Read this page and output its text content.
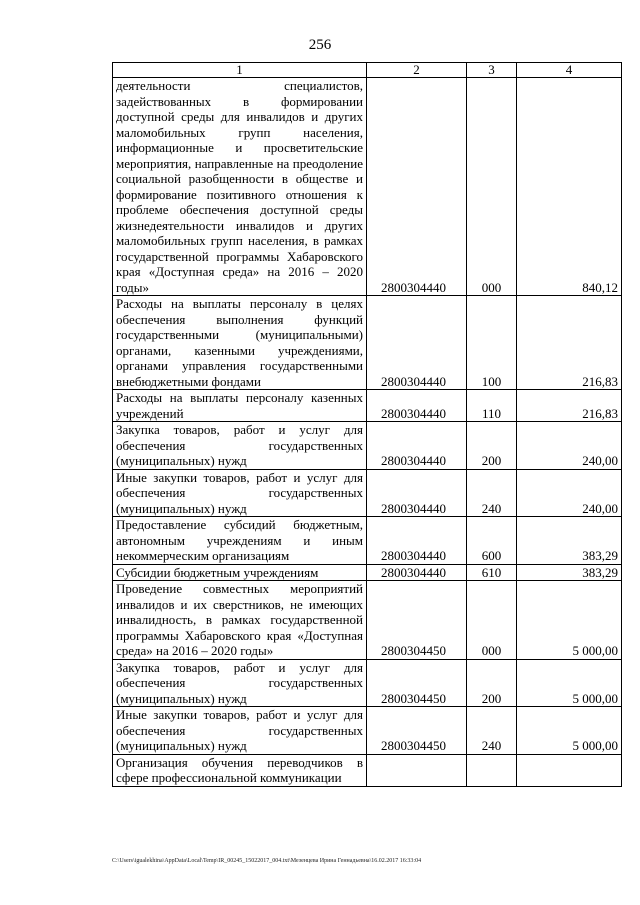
256
1	2	3	4
деятельности специалистов, задействованных в формировании доступной среды для инвалидов и других маломобильных групп населения, информационные и просветительские мероприятия, направленные на преодоление социальной разобщенности в обществе и формирование позитивного отношения к проблеме обеспечения доступной среды жизнедеятельности инвалидов и других маломобильных групп населения, в рамках государственной программы Хабаровского края «Доступная среда» на 2016 – 2020 годы»	2800304440	000	840,12
Расходы на выплаты персоналу в целях обеспечения выполнения функций государственными (муниципальными) органами, казенными учреждениями, органами управления государственными внебюджетными фондами	2800304440	100	216,83
Расходы на выплаты персоналу казенных учреждений	2800304440	110	216,83
Закупка товаров, работ и услуг для обеспечения государственных (муниципальных) нужд	2800304440	200	240,00
Иные закупки товаров, работ и услуг для обеспечения государственных (муниципальных) нужд	2800304440	240	240,00
Предоставление субсидий бюджетным, автономным учреждениям и иным некоммерческим организациям	2800304440	600	383,29
Субсидии бюджетным учреждениям	2800304440	610	383,29
Проведение совместных мероприятий инвалидов и их сверстников, не имеющих инвалидность, в рамках государственной программы Хабаровского края «Доступная среда» на 2016 – 2020 годы»	2800304450	000	5 000,00
Закупка товаров, работ и услуг для обеспечения государственных (муниципальных) нужд	2800304450	200	5 000,00
Иные закупки товаров, работ и услуг для обеспечения государственных (муниципальных) нужд	2800304450	240	5 000,00
Организация обучения переводчиков в сфере профессиональной коммуникации			
C:\Users\igualekhina\AppData\Local\Temp\IR_00245_15022017_004.txt\Мезенцева Ирина Геннадьевна\16.02.2017 16:33:04
